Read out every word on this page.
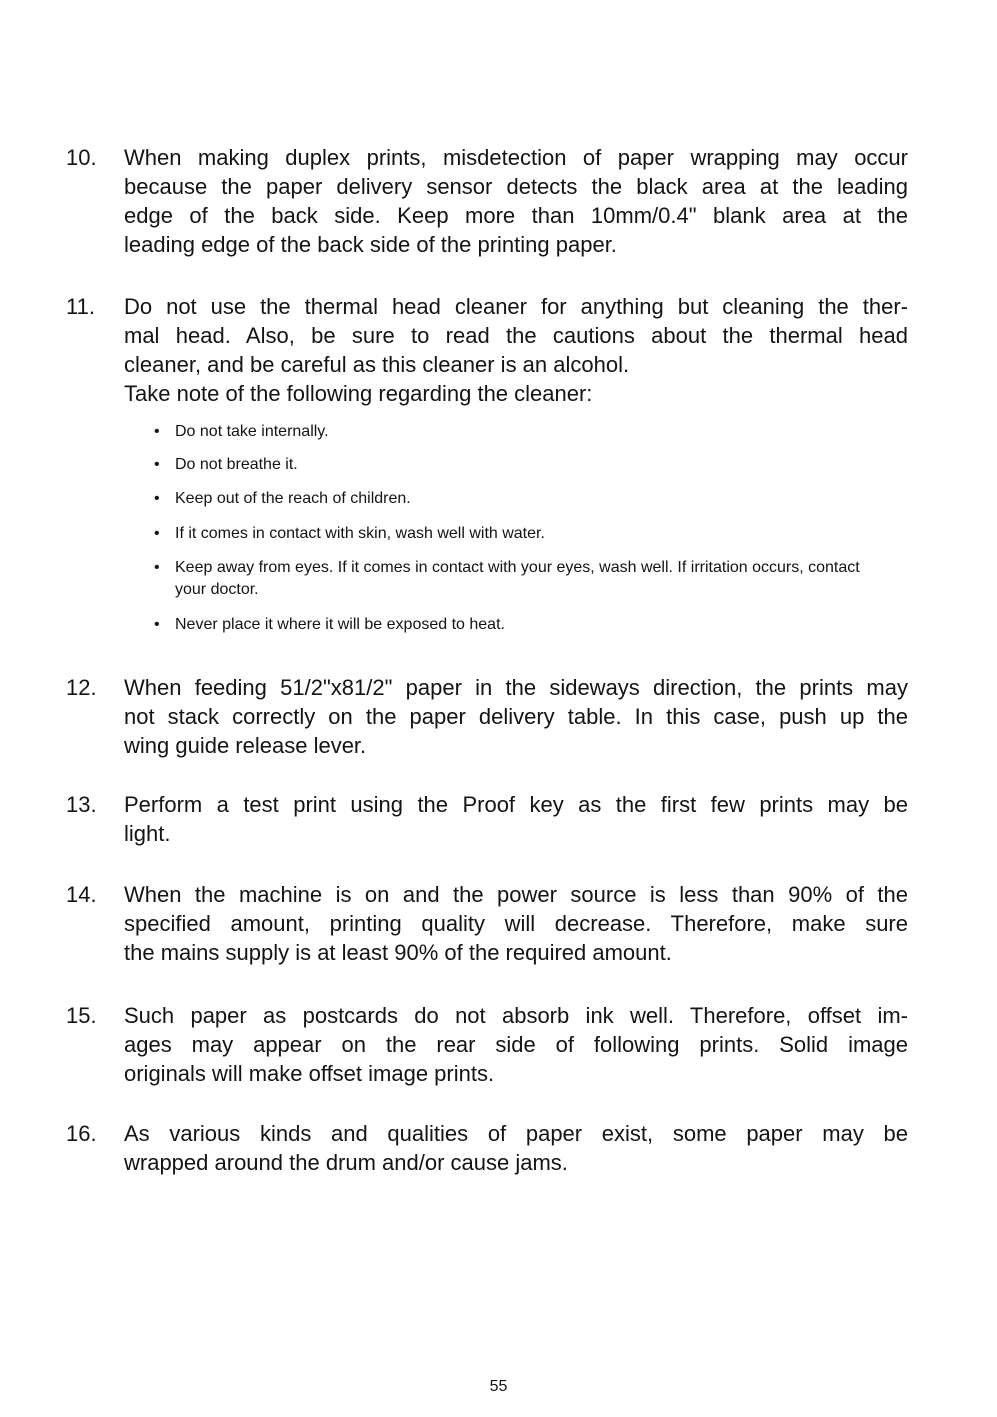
10. When making duplex prints, misdetection of paper wrapping may occur

because the paper delivery sensor detects the black area at the leading

edge of the back side. Keep more than 10mm/0.4" blank area at the

leading edge of the back side of the printing paper.

11. Do not use the thermal head cleaner for anything but cleaning the ther-

mal head. Also, be sure to read the cautions about the thermal head

cleaner, and be careful as this cleaner is an alcohol.

Take note of the following regarding the cleaner:

• Do not take internally.
• Do not breathe it.
• Keep out of the reach of children.
• If it comes in contact with skin, wash well with water.
• Keep away from eyes. If it comes in contact with your eyes, wash well. If irritation occurs, contact your doctor.
• Never place it where it will be exposed to heat.
12. When feeding 51/2"x81/2" paper in the sideways direction, the prints may

not stack correctly on the paper delivery table. In this case, push up the

wing guide release lever.

13. Perform a test print using the Proof key as the first few prints may be

light.

14. When the machine is on and the power source is less than 90% of the

specified amount, printing quality will decrease. Therefore, make sure

the mains supply is at least 90% of the required amount.

15. Such paper as postcards do not absorb ink well. Therefore, offset im-

ages may appear on the rear side of following prints. Solid image

originals will make offset image prints.

16. As various kinds and qualities of paper exist, some paper may be

wrapped around the drum and/or cause jams.

55
